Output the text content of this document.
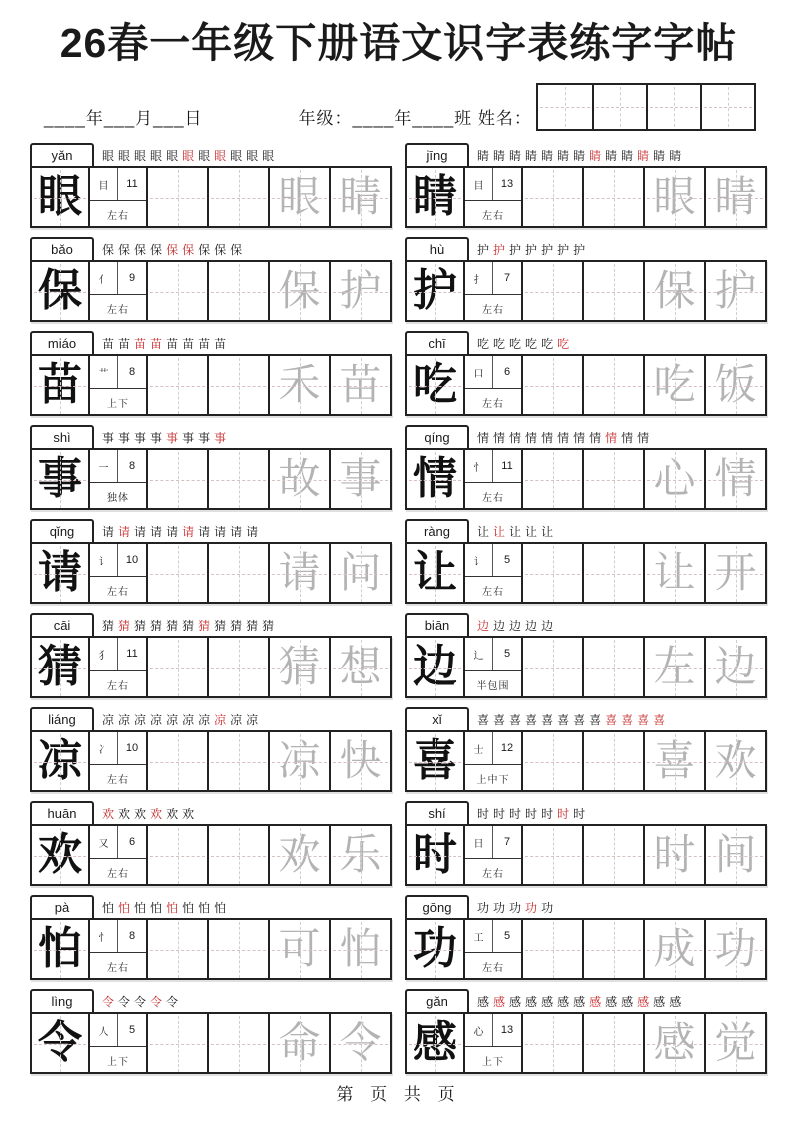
26春一年级下册语文识字表练字字帖
____年___月___日	年级：____年____班 姓名：
yǎn	眼 眼 眼 眼 眼 眼 眼 眼 眼 眼 眼
眼	目	11
左右	眼 睛
jīng	睛 睛 睛 睛 睛 睛 睛 睛 睛 睛 睛 睛 睛
睛	目	13
左右	眼 睛
bǎo	保 保 保 保 保 保 保 保 保
保	亻	9
左右	保 护
hù	护 护 护 护 护 护 护
护	扌	7
左右	保 护
miáo	苗 苗 苗 苗 苗 苗 苗 苗
苗	艹	8
上下	禾 苗
chī	吃 吃 吃 吃 吃 吃
吃	口	6
左右	吃 饭
shì	事 事 事 事 事 事 事 事
事	一	8
独体	故 事
qíng	情 情 情 情 情 情 情 情 情 情 情
情	忄	11
左右	心 情
qǐng	请 请 请 请 请 请 请 请 请 请
请	讠	10
左右	请 问
ràng	让 让 让 让 让
让	讠	5
左右	让 开
cāi	猜 猜 猜 猜 猜 猜 猜 猜 猜 猜 猜
猜	犭	11
左右	猜 想
biān	边 边 边 边 边
边	辶	5
半包围	左 边
liáng	凉 凉 凉 凉 凉 凉 凉 凉 凉 凉
凉	冫	10
左右	凉 快
xǐ	喜 喜 喜 喜 喜 喜 喜 喜 喜 喜 喜 喜
喜	士	12
上中下	喜 欢
huān	欢 欢 欢 欢 欢 欢
欢	又	6
左右	欢 乐
shí	时 时 时 时 时 时 时
时	日	7
左右	时 间
pà	怕 怕 怕 怕 怕 怕 怕 怕
怕	忄	8
左右	可 怕
gōng	功 功 功 功 功
功	工	5
左右	成 功
lìng	令 令 令 令 令
令	人	5
上下	命 令
gǎn	感 感 感 感 感 感 感 感 感 感 感 感 感
感	心	13
上下	感 觉
第 页 共 页
